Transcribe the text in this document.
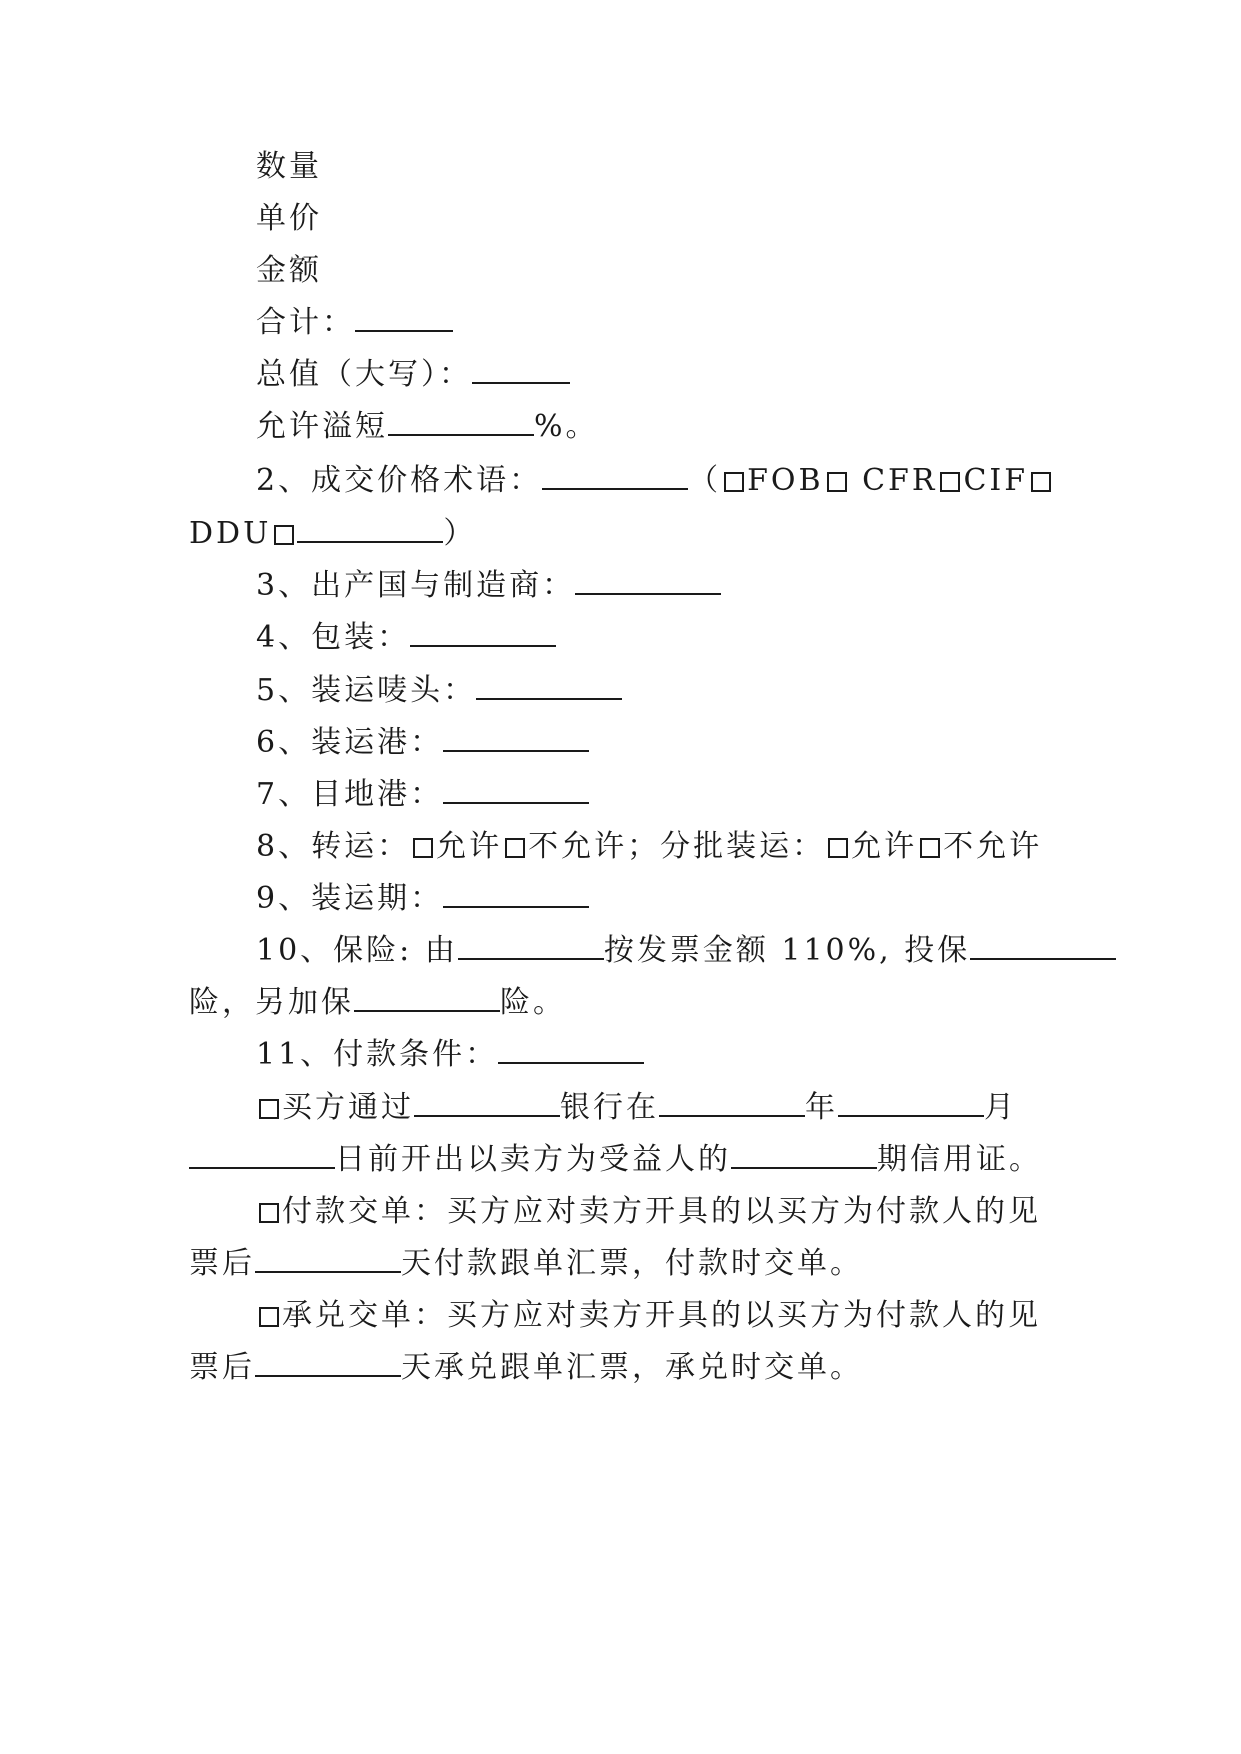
数量
单价
金额
合计：
总值（大写）：
允许溢短	%。
2、成交价格术语：	（ FOB CFR CIF
DDU	）
3、出产国与制造商：
4、包装：
5、装运唛头：
6、装运港：
7、目地港：
8、转运： 允许 不允许；分批装运： 允许 不允许
9、装运期：
10、保险: 由	按发票金额 110%, 投保
险，另加保	险。
11、付款条件：
买方通过	银行在	年	月
日前开出以卖方为受益人的	期信用证。
付款交单：买方应对卖方开具的以买方为付款人的见
票后	天付款跟单汇票，付款时交单。
承兑交单：买方应对卖方开具的以买方为付款人的见
票后	天承兑跟单汇票，承兑时交单。
